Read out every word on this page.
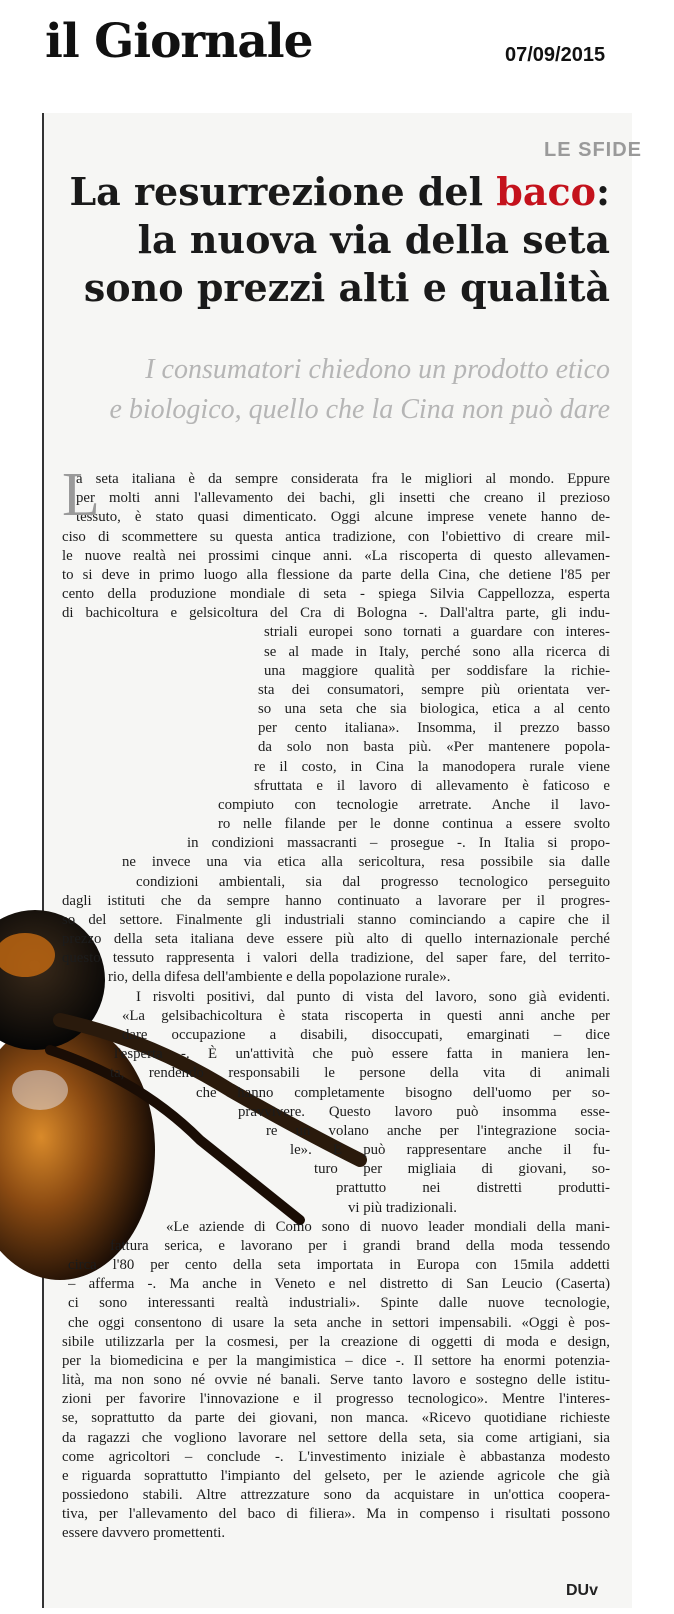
il Giornale	07/09/2015
LE SFIDE
La resurrezione del baco:
la nuova via della seta
sono prezzi alti e qualità
I consumatori chiedono un prodotto etico
e biologico, quello che la Cina non può dare
L
a seta italiana è da sempre considerata fra le migliori al mondo. Eppure
per molti anni l'allevamento dei bachi, gli insetti che creano il prezioso
tessuto, è stato quasi dimenticato. Oggi alcune imprese venete hanno de-
ciso di scommettere su questa antica tradizione, con l'obiettivo di creare mil-
le nuove realtà nei prossimi cinque anni. «La riscoperta di questo allevamen-
to si deve in primo luogo alla flessione da parte della Cina, che detiene l'85 per
cento della produzione mondiale di seta - spiega Silvia Cappellozza, esperta
di bachicoltura e gelsicoltura del Cra di Bologna -. Dall'altra parte, gli indu-
striali europei sono tornati a guardare con interes-
se al made in Italy, perché sono alla ricerca di
una maggiore qualità per soddisfare la richie-
sta dei consumatori, sempre più orientata ver-
so una seta che sia biologica, etica a al cento
per cento italiana». Insomma, il prezzo basso
da solo non basta più. «Per mantenere popola-
re il costo, in Cina la manodopera rurale viene
sfruttata e il lavoro di allevamento è faticoso e
compiuto con tecnologie arretrate. Anche il lavo-
ro nelle filande per le donne continua a essere svolto
in condizioni massacranti – prosegue -. In Italia si propo-
ne invece una via etica alla sericoltura, resa possibile sia dalle
condizioni ambientali, sia dal progresso tecnologico perseguito
dagli istituti che da sempre hanno continuato a lavorare per il progres-
so del settore. Finalmente gli industriali stanno cominciando a capire che il
prezzo della seta italiana deve essere più alto di quello internazionale perché
questo tessuto rappresenta i valori della tradizione, del saper fare, del territo-
rio, della difesa dell'ambiente e della popolazione rurale».
I risvolti positivi, dal punto di vista del lavoro, sono già evidenti.
«La gelsibachicoltura è stata riscoperta in questi anni anche per
dare occupazione a disabili, disoccupati, emarginati – dice
l'esperta -. È un'attività che può essere fatta in maniera len-
ta, rendendo responsabili le persone della vita di animali
che hanno completamente bisogno dell'uomo per so-
pravvivere. Questo lavoro può insomma esse-
re un volano anche per l'integrazione socia-
le». E può rappresentare anche il fu-
turo per migliaia di giovani, so-
prattutto nei distretti produtti-
vi più tradizionali.
«Le aziende di Como sono di nuovo leader mondiali della mani-
fattura serica, e lavorano per i grandi brand della moda tessendo
circa l'80 per cento della seta importata in Europa con 15mila addetti
– afferma -. Ma anche in Veneto e nel distretto di San Leucio (Caserta)
ci sono interessanti realtà industriali». Spinte dalle nuove tecnologie,
che oggi consentono di usare la seta anche in settori impensabili. «Oggi è pos-
sibile utilizzarla per la cosmesi, per la creazione di oggetti di moda e design,
per la biomedicina e per la mangimistica – dice -. Il settore ha enormi potenzia-
lità, ma non sono né ovvie né banali. Serve tanto lavoro e sostegno delle istitu-
zioni per favorire l'innovazione e il progresso tecnologico». Mentre l'interes-
se, soprattutto da parte dei giovani, non manca. «Ricevo quotidiane richieste
da ragazzi che vogliono lavorare nel settore della seta, sia come artigiani, sia
come agricoltori – conclude -. L'investimento iniziale è abbastanza modesto
e riguarda soprattutto l'impianto del gelseto, per le aziende agricole che già
possiedono stabili. Altre attrezzature sono da acquistare in un'ottica coopera-
tiva, per l'allevamento del baco di filiera». Ma in compenso i risultati possono
essere davvero promettenti.
DUv
